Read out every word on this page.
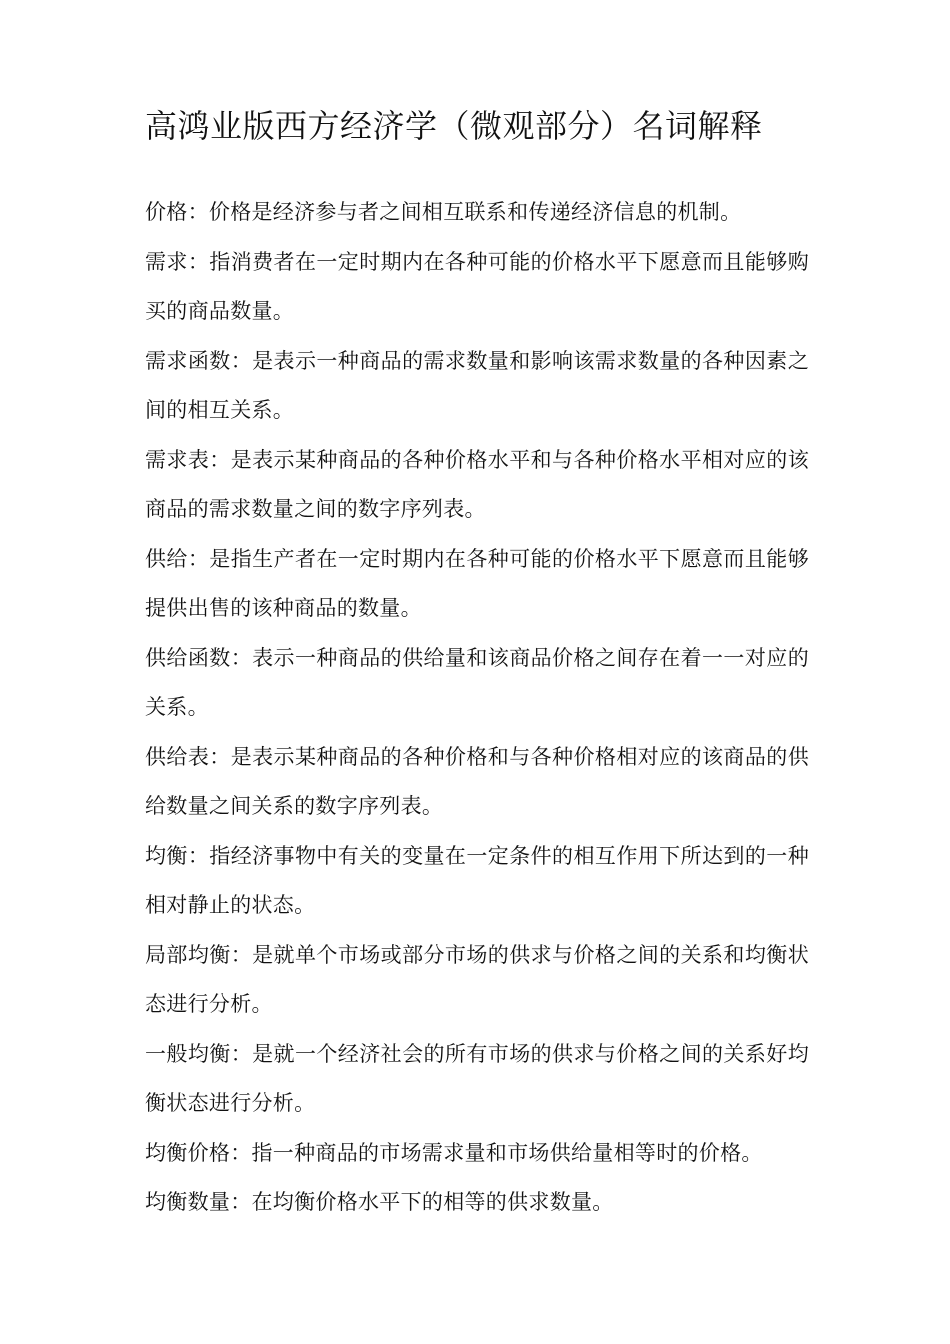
高鸿业版西方经济学（微观部分）名词解释
价格：价格是经济参与者之间相互联系和传递经济信息的机制。
需求：指消费者在一定时期内在各种可能的价格水平下愿意而且能够购买的商品数量。
需求函数：是表示一种商品的需求数量和影响该需求数量的各种因素之间的相互关系。
需求表：是表示某种商品的各种价格水平和与各种价格水平相对应的该商品的需求数量之间的数字序列表。
供给：是指生产者在一定时期内在各种可能的价格水平下愿意而且能够提供出售的该种商品的数量。
供给函数：表示一种商品的供给量和该商品价格之间存在着一一对应的关系。
供给表：是表示某种商品的各种价格和与各种价格相对应的该商品的供给数量之间关系的数字序列表。
均衡：指经济事物中有关的变量在一定条件的相互作用下所达到的一种相对静止的状态。
局部均衡：是就单个市场或部分市场的供求与价格之间的关系和均衡状态进行分析。
一般均衡：是就一个经济社会的所有市场的供求与价格之间的关系好均衡状态进行分析。
均衡价格：指一种商品的市场需求量和市场供给量相等时的价格。
均衡数量：在均衡价格水平下的相等的供求数量。
